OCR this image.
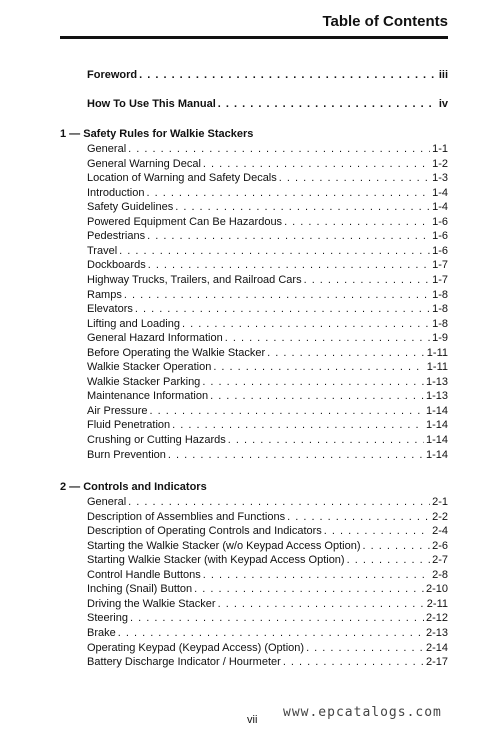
Table of Contents
Foreword . . .	iii
How To Use This Manual . . .	iv
1 — Safety Rules for Walkie Stackers
General . . .	1-1
General Warning Decal . . .	1-2
Location of Warning and Safety Decals . . .	1-3
Introduction . . .	1-4
Safety Guidelines . . .	1-4
Powered Equipment Can Be Hazardous . . .	1-6
Pedestrians . . .	1-6
Travel . . .	1-6
Dockboards . . .	1-7
Highway Trucks, Trailers, and Railroad Cars . . .	1-7
Ramps . . .	1-8
Elevators . . .	1-8
Lifting and Loading . . .	1-8
General Hazard Information . . .	1-9
Before Operating the Walkie Stacker . . .	1-11
Walkie Stacker Operation . . .	1-11
Walkie Stacker Parking . . .	1-13
Maintenance Information . . .	1-13
Air Pressure . . .	1-14
Fluid Penetration . . .	1-14
Crushing or Cutting Hazards . . .	1-14
Burn Prevention . . .	1-14
2 — Controls and Indicators
General . . .	2-1
Description of Assemblies and Functions . . .	2-2
Description of Operating Controls and Indicators . . .	2-4
Starting the Walkie Stacker (w/o Keypad Access Option) . . .	2-6
Starting Walkie Stacker (with Keypad Access Option) . . .	2-7
Control Handle Buttons . . .	2-8
Inching (Snail) Button . . .	2-10
Driving the Walkie Stacker . . .	2-11
Steering . . .	2-12
Brake . . .	2-13
Operating Keypad (Keypad Access) (Option) . . .	2-14
Battery Discharge Indicator / Hourmeter . . .	2-17
vii www.epcatalogs.com
